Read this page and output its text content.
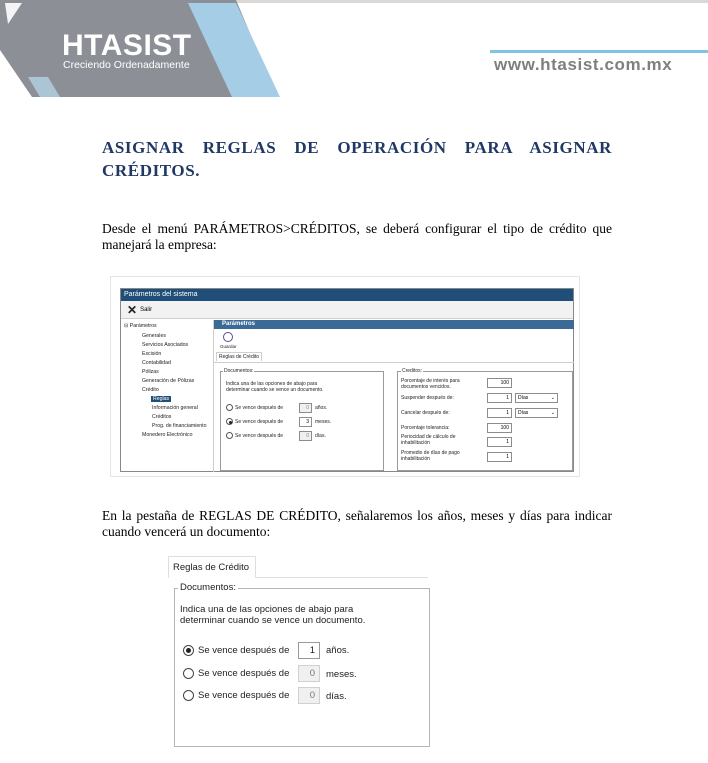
HTASIST
Creciendo Ordenadamente	www.htasist.com.mx
ASIGNAR REGLAS DE OPERACIÓN PARA ASIGNAR
CRÉDITOS.
Desde el menú PARÁMETROS>CRÉDITOS, se deberá configurar el tipo de crédito que
manejará la empresa:
Parámetros del sistema
✕ Salir
⊟ Parámetros
Generales
Servicios Asociados
Escisión
Contabilidad
Pólizas
Generación de Pólizas
Crédito
Reglas
Información general
Créditos
Prog. de financiamiento
Monedero Electrónico
Parámetros
Guardar
Reglas de Crédito
Documentos:
Indica una de las opciones de abajo para
determinar cuando se vence un documento.
Se vence después de	0	años.
Se vence después de	3	meses.
Se vence después de	0	días.
Creditos:
Porcentaje de interés para
documentos vencidos.
100
Suspender después de:	1	Días	⌄
Cancelar después de:	1	Días	⌄
Porcentaje tolerancia:	100
Periocidad de cálculo de
inhabilitación	1
Promedio de días de pago
inhabilitación	1
En la pestaña de REGLAS DE CRÉDITO, señalaremos los años, meses y días para indicar
cuando vencerá un documento:
Reglas de Crédito
Documentos:
Indica una de las opciones de abajo para
determinar cuando se vence un documento.
Se vence después de	1	años.
Se vence después de	0	meses.
Se vence después de	0	días.
